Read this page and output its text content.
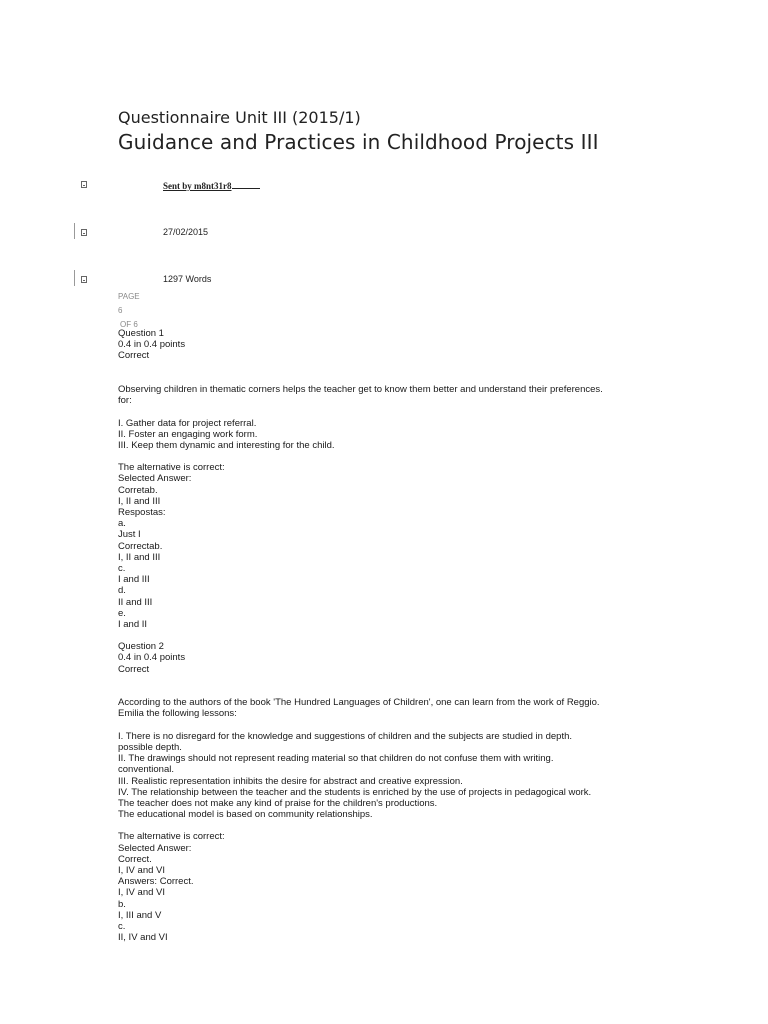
Questionnaire Unit III (2015/1)
Guidance and Practices in Childhood Projects III
Sent by m8nt31r8
27/02/2015
1297 Words
PAGE
6
OF 6
Question 1
0.4 in 0.4 points
Correct
Observing children in thematic corners helps the teacher get to know them better and understand their preferences.
for:
I. Gather data for project referral.
II. Foster an engaging work form.
III. Keep them dynamic and interesting for the child.
The alternative is correct:
Selected Answer:
Corretab.
I, II and III
Respostas:
a.
Just I
Correctab.
I, II and III
c.
I and III
d.
II and III
e.
I and II
Question 2
0.4 in 0.4 points
Correct
According to the authors of the book 'The Hundred Languages of Children', one can learn from the work of Reggio.
Emilia the following lessons:
I. There is no disregard for the knowledge and suggestions of children and the subjects are studied in depth.
possible depth.
II. The drawings should not represent reading material so that children do not confuse them with writing.
conventional.
III. Realistic representation inhibits the desire for abstract and creative expression.
IV. The relationship between the teacher and the students is enriched by the use of projects in pedagogical work.
The teacher does not make any kind of praise for the children's productions.
The educational model is based on community relationships.
The alternative is correct:
Selected Answer:
Correct.
I, IV and VI
Answers: Correct.
I, IV and VI
b.
I, III and V
c.
II, IV and VI
